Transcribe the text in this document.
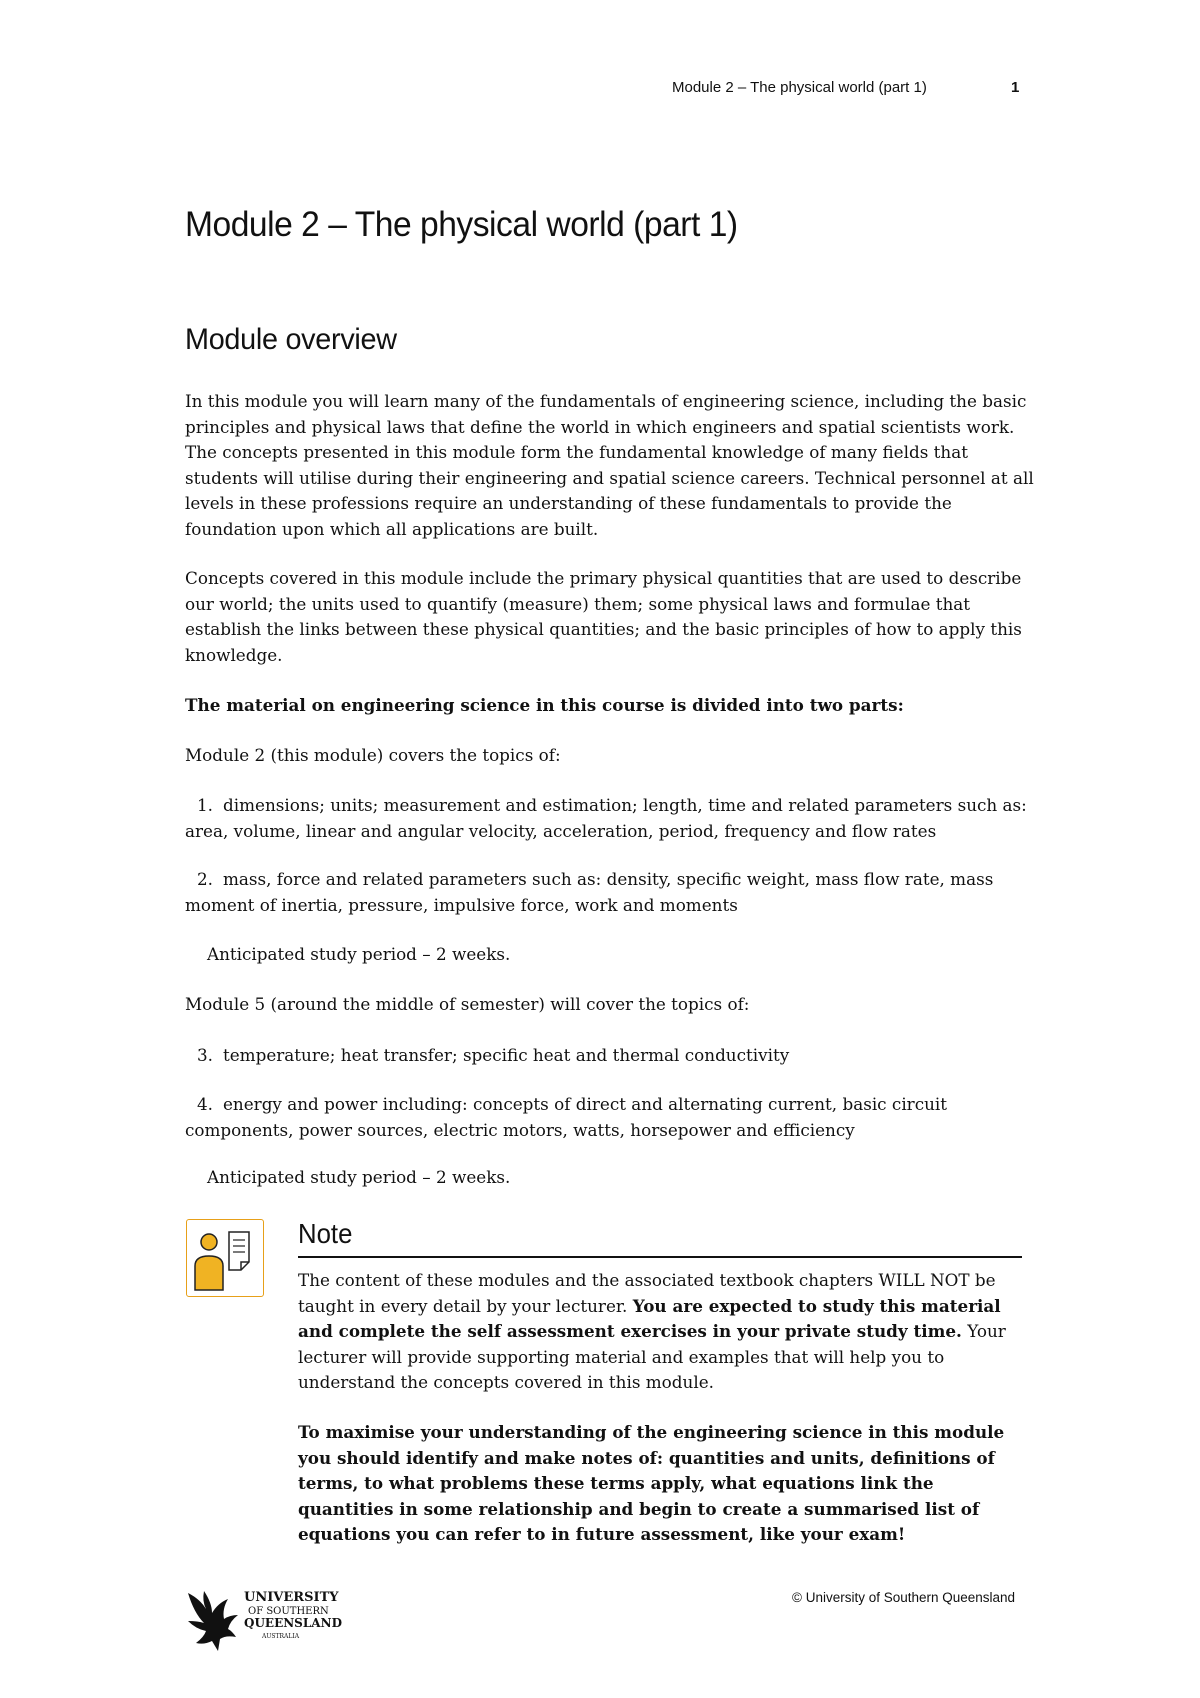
Module 2 – The physical world (part 1)	1
Module 2 – The physical world (part 1)
Module overview

In this module you will learn many of the fundamentals of engineering science, including the basic principles and physical laws that define the world in which engineers and spatial scientists work. The concepts presented in this module form the fundamental knowledge of many fields that students will utilise during their engineering and spatial science careers. Technical personnel at all levels in these professions require an understanding of these fundamentals to provide the foundation upon which all applications are built.

Concepts covered in this module include the primary physical quantities that are used to describe our world; the units used to quantify (measure) them; some physical laws and formulae that establish the links between these physical quantities; and the basic principles of how to apply this knowledge.

The material on engineering science in this course is divided into two parts:

Module 2 (this module) covers the topics of:

1. dimensions; units; measurement and estimation; length, time and related parameters such as: area, volume, linear and angular velocity, acceleration, period, frequency and flow rates

2. mass, force and related parameters such as: density, specific weight, mass flow rate, mass moment of inertia, pressure, impulsive force, work and moments

Anticipated study period – 2 weeks.

Module 5 (around the middle of semester) will cover the topics of:

3. temperature; heat transfer; specific heat and thermal conductivity

4. energy and power including: concepts of direct and alternating current, basic circuit components, power sources, electric motors, watts, horsepower and efficiency

Anticipated study period – 2 weeks.

Note

The content of these modules and the associated textbook chapters WILL NOT be taught in every detail by your lecturer. You are expected to study this material and complete the self assessment exercises in your private study time. Your lecturer will provide supporting material and examples that will help you to understand the concepts covered in this module.

To maximise your understanding of the engineering science in this module you should identify and make notes of: quantities and units, definitions of terms, to what problems these terms apply, what equations link the quantities in some relationship and begin to create a summarised list of equations you can refer to in future assessment, like your exam!

UNIVERSITY
OF SOUTHERN
QUEENSLAND
AUSTRALIA
© University of Southern Queensland
